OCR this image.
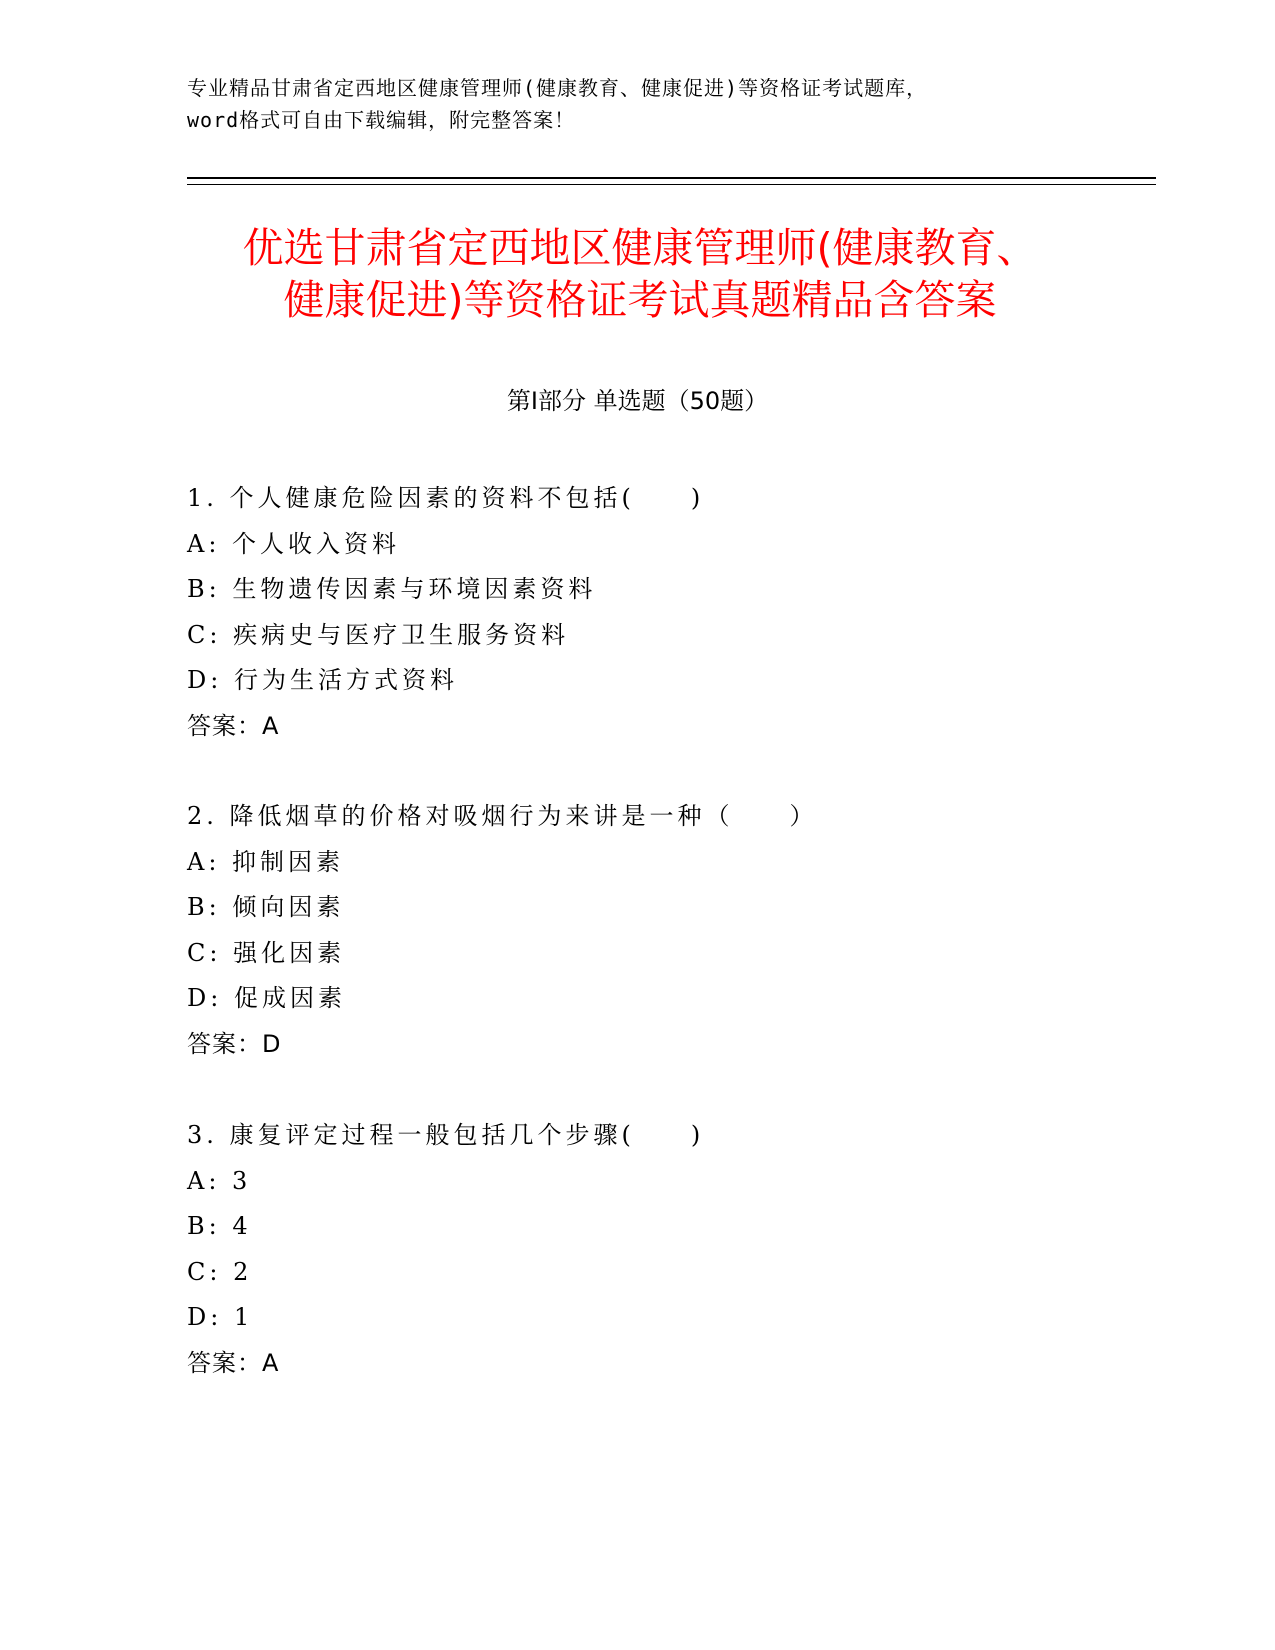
专业精品甘肃省定西地区健康管理师(健康教育、健康促进)等资格证考试题库，
word格式可自由下载编辑，附完整答案！
优选甘肃省定西地区健康管理师(健康教育、
健康促进)等资格证考试真题精品含答案
第Ⅰ部分 单选题（50题）
1. 个人健康危险因素的资料不包括(　　)
A: 个人收入资料
B: 生物遗传因素与环境因素资料
C: 疾病史与医疗卫生服务资料
D: 行为生活方式资料
答案：A
2. 降低烟草的价格对吸烟行为来讲是一种（　　）
A: 抑制因素
B: 倾向因素
C: 强化因素
D: 促成因素
答案：D
3. 康复评定过程一般包括几个步骤(　　)
A: 3
B: 4
C: 2
D: 1
答案：A
